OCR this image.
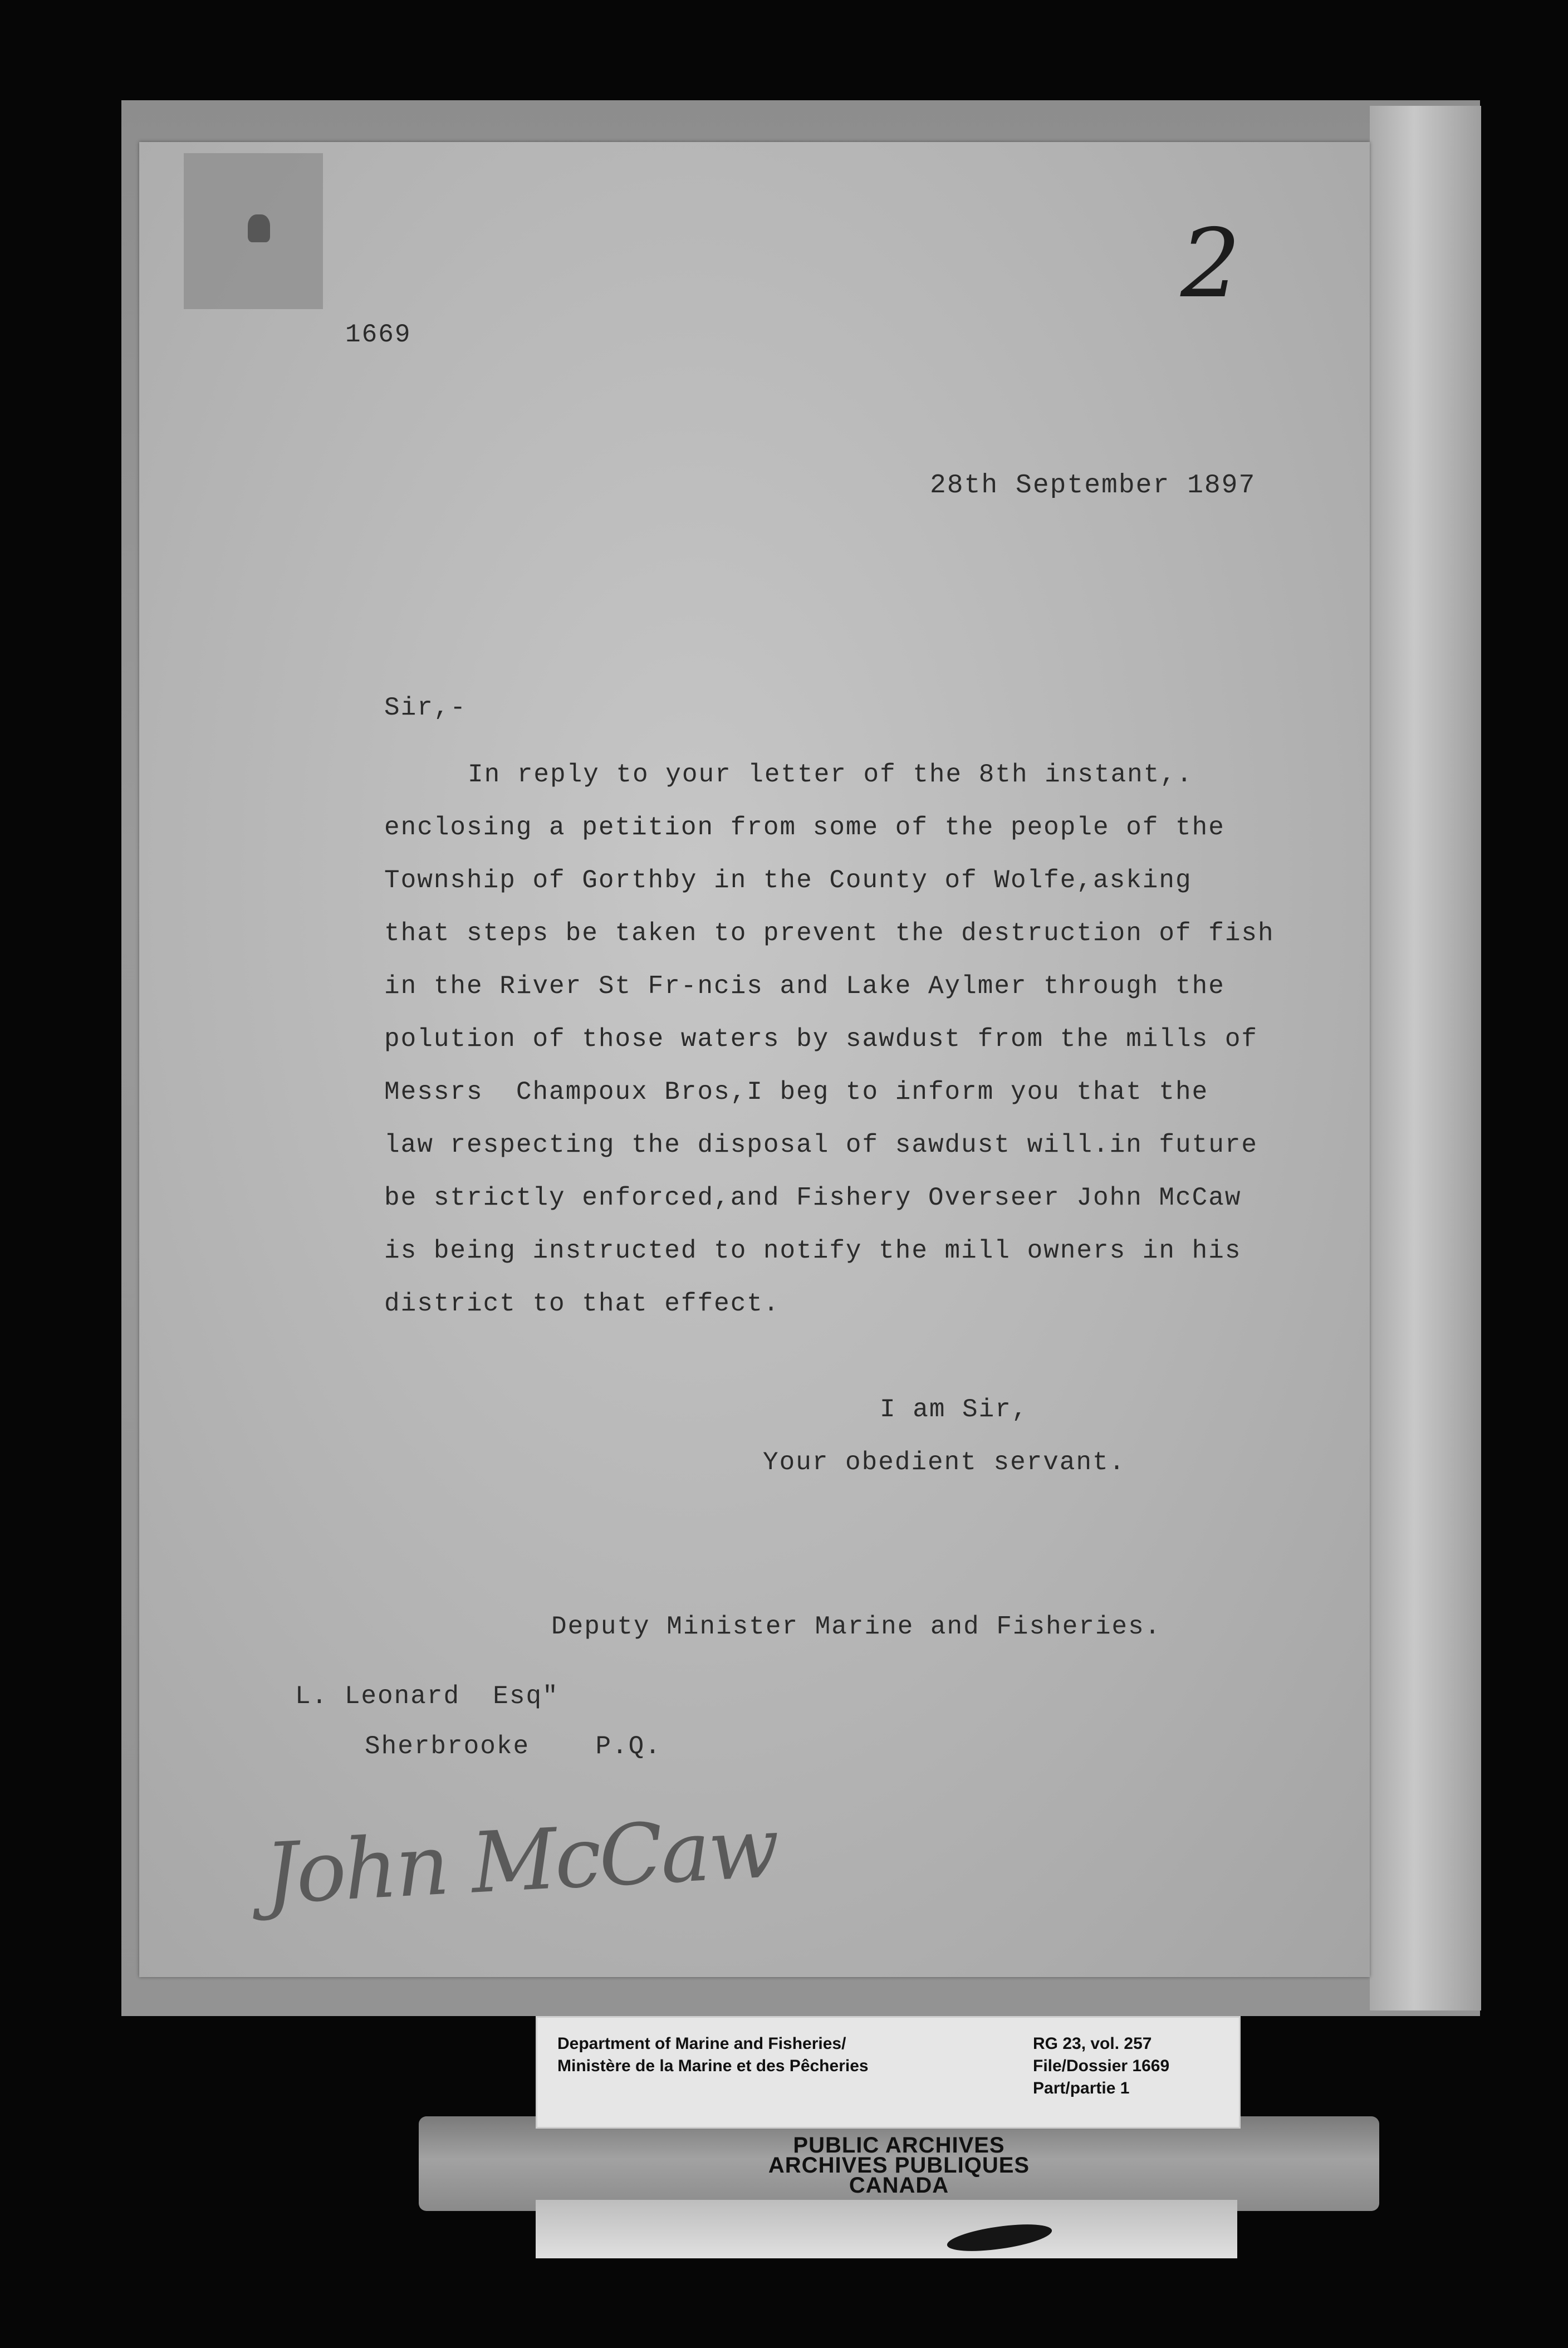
2
1669
28th September 1897
Sir,-
In reply to your letter of the 8th instant,.
enclosing a petition from some of the people of the
Township of Gorthby in the County of Wolfe,asking
that steps be taken to prevent the destruction of fish
in the River St Fr-ncis and Lake Aylmer through the
polution of those waters by sawdust from the mills of
Messrs  Champoux Bros,I beg to inform you that the
law respecting the disposal of sawdust will.in future
be strictly enforced,and Fishery Overseer John McCaw
is being instructed to notify the mill owners in his
district to that effect.
I am Sir,
Your obedient servant.
Deputy Minister Marine and Fisheries.
L. Leonard  Esq"
Sherbrooke    P.Q.
John McCaw
PUBLIC ARCHIVES
ARCHIVES PUBLIQUES
CANADA
Department of Marine and Fisheries/
Ministère de la Marine et des Pêcheries
RG 23, vol. 257
File/Dossier 1669
Part/partie 1
